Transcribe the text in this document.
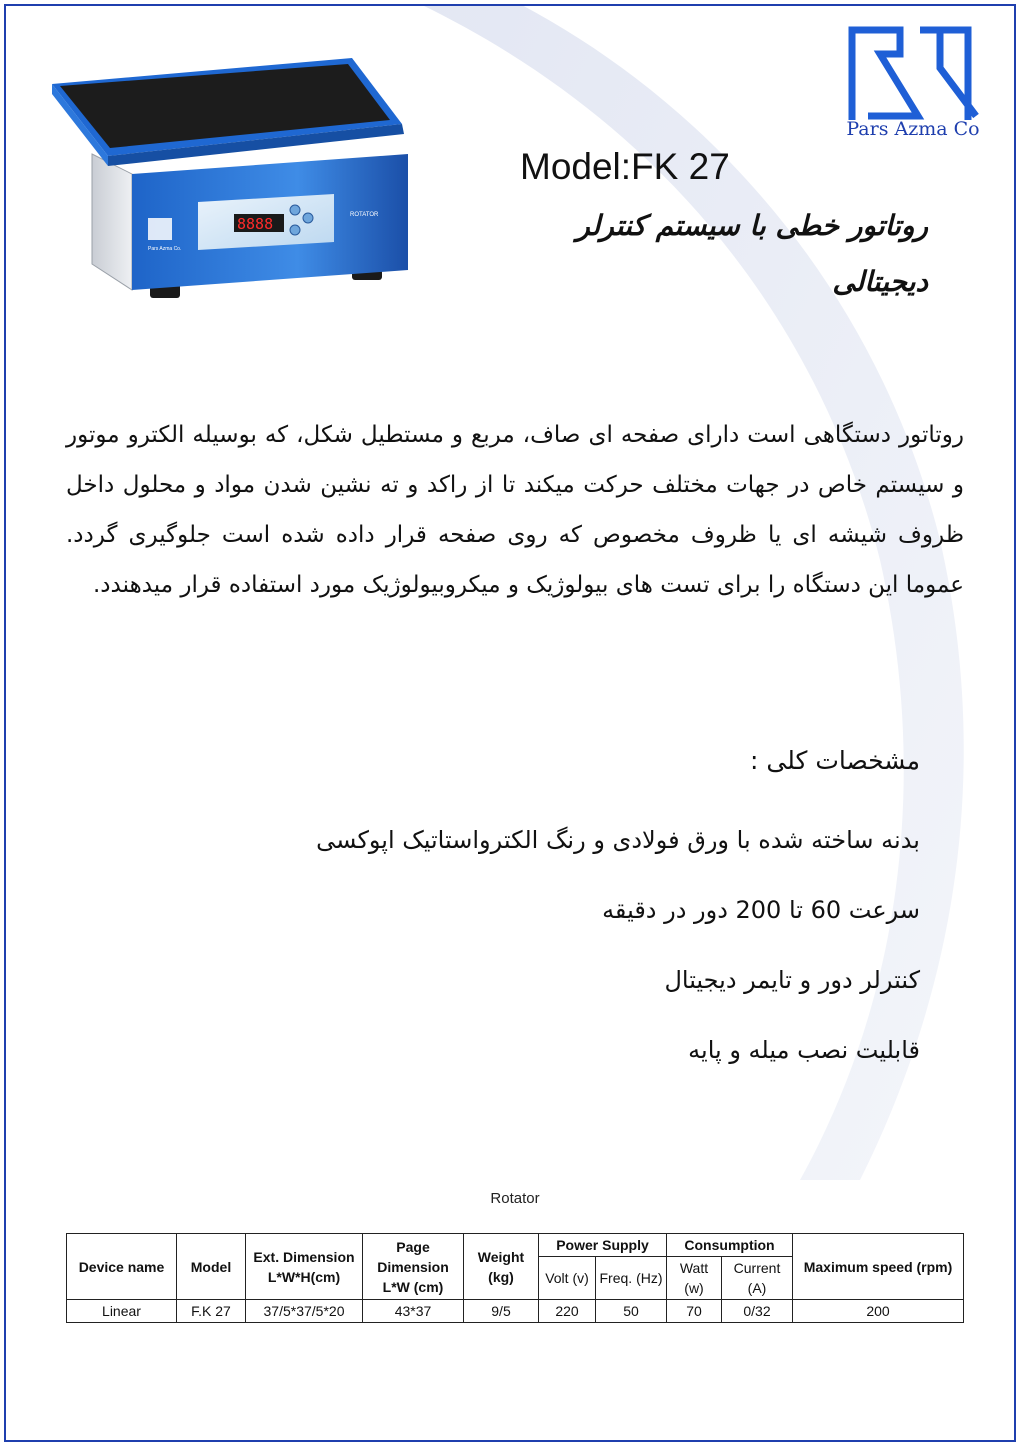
Pars Azma Co
8888	ROTATOR
Pars Azma Co.
Model:FK 27
روتاتور خطی با سیستم کنترلر دیجیتالی
روتاتور دستگاهی است دارای صفحه ای صاف، مربع و مستطیل شکل، که بوسیله الکترو موتور و سیستم خاص در جهات مختلف حرکت میکند تا از راکد و ته نشین شدن مواد و محلول داخل ظروف شیشه ای یا ظروف مخصوص که روی صفحه قرار داده شده است جلوگیری گردد. عموما این دستگاه را برای تست های بیولوژیک و میکروبیولوژیک مورد استفاده قرار میدهندد.
مشخصات کلی :
بدنه ساخته شده با ورق فولادی و رنگ الکترواستاتیک اپوکسی
سرعت 60 تا 200 دور در دقیقه
کنترلر دور و تایمر دیجیتال
قابلیت نصب میله و پایه
Rotator
Device name	Model	Ext. Dimension L*W*H(cm)	Page Dimension L*W (cm)	Weight (kg)	Power Supply		Consumption		Maximum speed (rpm)
					Volt (v)	Freq. (Hz)	Watt (w)	Current (A)	
Linear	F.K 27	37/5*37/5*20	43*37	9/5	220	50	70	0/32	200
